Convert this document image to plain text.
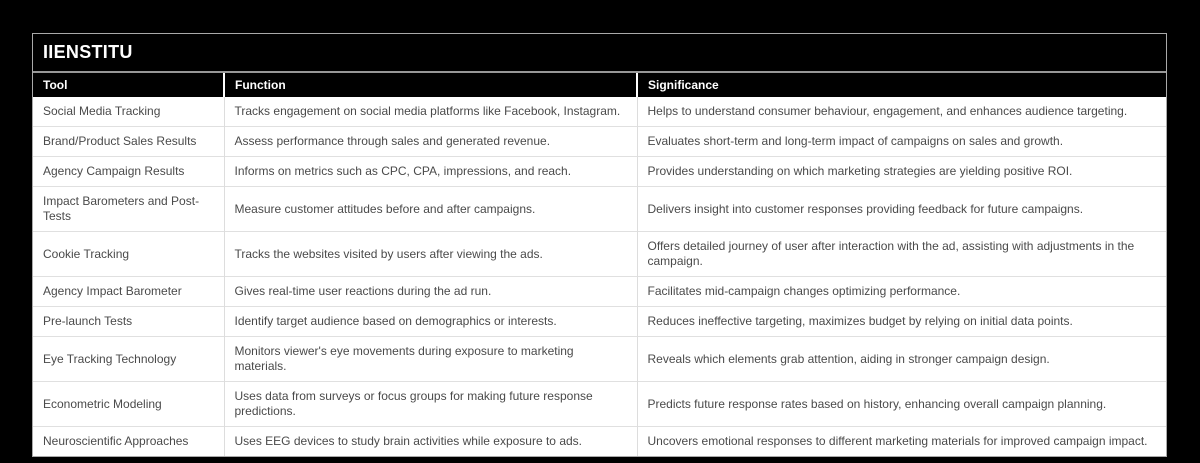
IIENSTITU
Tool	Function	Significance
Social Media Tracking	Tracks engagement on social media platforms like Facebook, Instagram.	Helps to understand consumer behaviour, engagement, and enhances audience targeting.
Brand/Product Sales Results	Assess performance through sales and generated revenue.	Evaluates short-term and long-term impact of campaigns on sales and growth.
Agency Campaign Results	Informs on metrics such as CPC, CPA, impressions, and reach.	Provides understanding on which marketing strategies are yielding positive ROI.
Impact Barometers and Post-Tests	Measure customer attitudes before and after campaigns.	Delivers insight into customer responses providing feedback for future campaigns.
Cookie Tracking	Tracks the websites visited by users after viewing the ads.	Offers detailed journey of user after interaction with the ad, assisting with adjustments in the campaign.
Agency Impact Barometer	Gives real-time user reactions during the ad run.	Facilitates mid-campaign changes optimizing performance.
Pre-launch Tests	Identify target audience based on demographics or interests.	Reduces ineffective targeting, maximizes budget by relying on initial data points.
Eye Tracking Technology	Monitors viewer's eye movements during exposure to marketing materials.	Reveals which elements grab attention, aiding in stronger campaign design.
Econometric Modeling	Uses data from surveys or focus groups for making future response predictions.	Predicts future response rates based on history, enhancing overall campaign planning.
Neuroscientific Approaches	Uses EEG devices to study brain activities while exposure to ads.	Uncovers emotional responses to different marketing materials for improved campaign impact.
